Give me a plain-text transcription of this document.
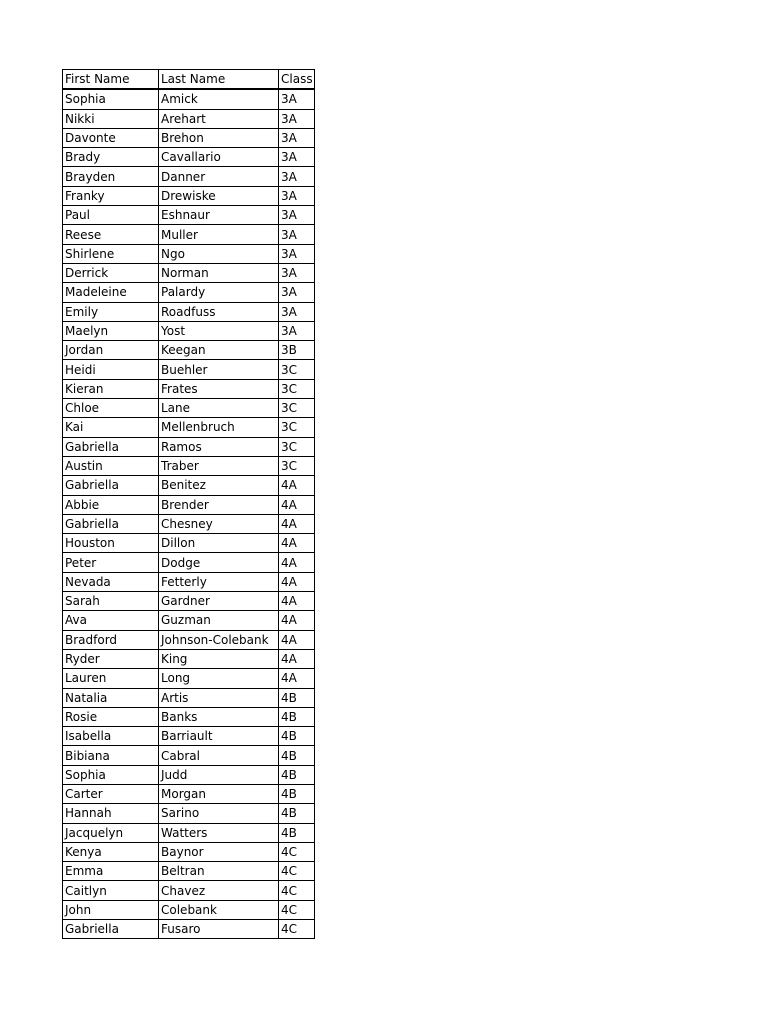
First Name	Last Name	Class
Sophia	Amick	3A
Nikki	Arehart	3A
Davonte	Brehon	3A
Brady	Cavallario	3A
Brayden	Danner	3A
Franky	Drewiske	3A
Paul	Eshnaur	3A
Reese	Muller	3A
Shirlene	Ngo	3A
Derrick	Norman	3A
Madeleine	Palardy	3A
Emily	Roadfuss	3A
Maelyn	Yost	3A
Jordan	Keegan	3B
Heidi	Buehler	3C
Kieran	Frates	3C
Chloe	Lane	3C
Kai	Mellenbruch	3C
Gabriella	Ramos	3C
Austin	Traber	3C
Gabriella	Benitez	4A
Abbie	Brender	4A
Gabriella	Chesney	4A
Houston	Dillon	4A
Peter	Dodge	4A
Nevada	Fetterly	4A
Sarah	Gardner	4A
Ava	Guzman	4A
Bradford	Johnson-Colebank	4A
Ryder	King	4A
Lauren	Long	4A
Natalia	Artis	4B
Rosie	Banks	4B
Isabella	Barriault	4B
Bibiana	Cabral	4B
Sophia	Judd	4B
Carter	Morgan	4B
Hannah	Sarino	4B
Jacquelyn	Watters	4B
Kenya	Baynor	4C
Emma	Beltran	4C
Caitlyn	Chavez	4C
John	Colebank	4C
Gabriella	Fusaro	4C
